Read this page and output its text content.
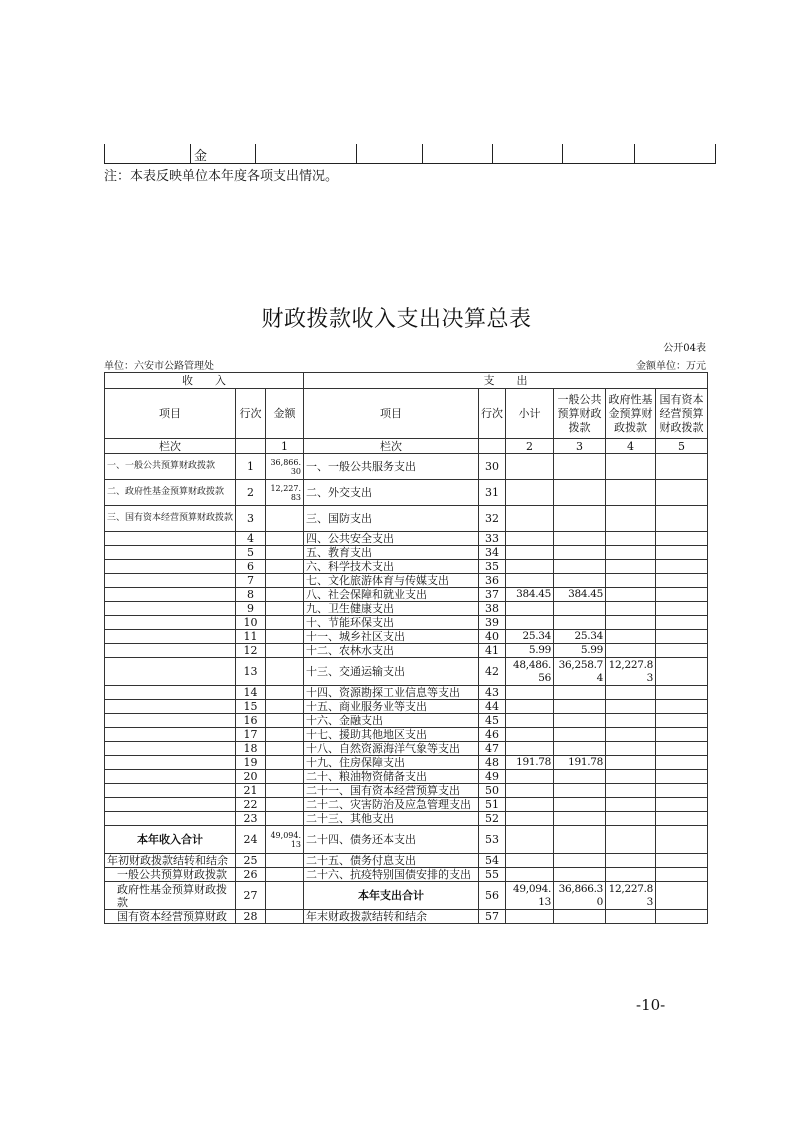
金
注：本表反映单位本年度各项支出情况。
财政拨款收入支出决算总表
公开04表
单位：六安市公路管理处	金额单位：万元
收　　入			支　　出					
项目	行次	金额	项目	行次	小计	一般公共预算财政拨款	政府性基金预算财政拨款	国有资本经营预算财政拨款
栏次		1	栏次		2	3	4	5
一、一般公共预算财政拨款	1	36,866.30	一、一般公共服务支出	30				
二、政府性基金预算财政拨款	2	12,227.83	二、外交支出	31				
三、国有资本经营预算财政拨款	3		三、国防支出	32				
	4		四、公共安全支出	33				
	5		五、教育支出	34				
	6		六、科学技术支出	35				
	7		七、文化旅游体育与传媒支出	36				
	8		八、社会保障和就业支出	37	384.45	384.45		
	9		九、卫生健康支出	38				
	10		十、节能环保支出	39				
	11		十一、城乡社区支出	40	25.34	25.34		
	12		十二、农林水支出	41	5.99	5.99		
	13		十三、交通运输支出	42	48,486.56	36,258.74	12,227.83	
	14		十四、资源勘探工业信息等支出	43				
	15		十五、商业服务业等支出	44				
	16		十六、金融支出	45				
	17		十七、援助其他地区支出	46				
	18		十八、自然资源海洋气象等支出	47				
	19		十九、住房保障支出	48	191.78	191.78		
	20		二十、粮油物资储备支出	49				
	21		二十一、国有资本经营预算支出	50				
	22		二十二、灾害防治及应急管理支出	51				
	23		二十三、其他支出	52				
本年收入合计	24	49,094.13	二十四、债务还本支出	53				
年初财政拨款结转和结余	25		二十五、债务付息支出	54				
一般公共预算财政拨款	26		二十六、抗疫特别国债安排的支出	55				
政府性基金预算财政拨款	27		本年支出合计	56	49,094.13	36,866.30	12,227.83	
国有资本经营预算财政	28		年末财政拨款结转和结余	57				
-10-
